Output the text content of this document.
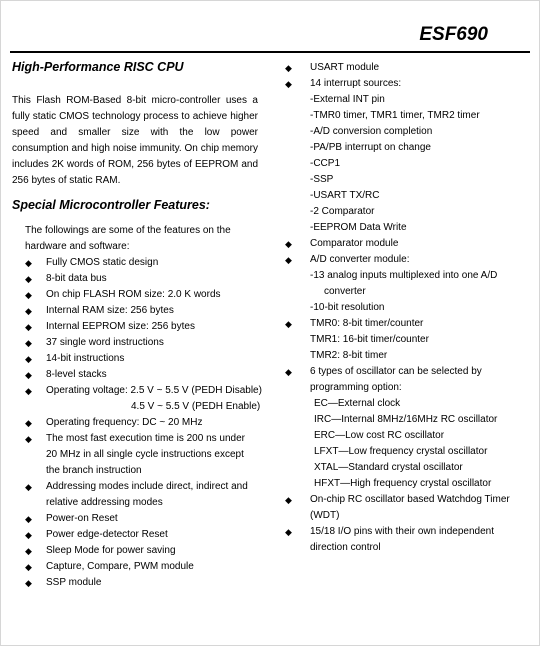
ESF690
High-Performance RISC CPU

This Flash ROM-Based 8-bit micro-controller uses a fully static CMOS technology process to achieve higher speed and smaller size with the low power consumption and high noise immunity. On chip memory includes 2K words of ROM, 256 bytes of EEPROM and 256 bytes of static RAM.

Special Microcontroller Features:

The followings are some of the features on the hardware and software:

◆ Fully CMOS static design
◆ 8-bit data bus
◆ On chip FLASH ROM size: 2.0 K words
◆ Internal RAM size: 256 bytes
◆ Internal EEPROM size: 256 bytes
◆ 37 single word instructions
◆ 14-bit instructions
◆ 8-level stacks
◆ Operating voltage: 2.5 V ~ 5.5 V (PEDH Disable)
4.5 V ~ 5.5 V (PEDH Enable)
◆ Operating frequency: DC ~ 20 MHz
◆ The most fast execution time is 200 ns under
20 MHz in all single cycle instructions except
the branch instruction
◆ Addressing modes include direct, indirect and
relative addressing modes
◆ Power-on Reset
◆ Power edge-detector Reset
◆ Sleep Mode for power saving
◆ Capture, Compare, PWM module
◆ SSP module
◆ USART module
◆ 14 interrupt sources:
-External INT pin
-TMR0 timer, TMR1 timer, TMR2 timer
-A/D conversion completion
-PA/PB interrupt on change
-CCP1
-SSP
-USART TX/RC
-2 Comparator
-EEPROM Data Write
◆ Comparator module
◆ A/D converter module:
-13 analog inputs multiplexed into one A/D
converter
-10-bit resolution
◆ TMR0: 8-bit timer/counter
TMR1: 16-bit timer/counter
TMR2: 8-bit timer
◆ 6 types of oscillator can be selected by
programming option:
EC—External clock
IRC—Internal 8MHz/16MHz RC oscillator
ERC—Low cost RC oscillator
LFXT—Low frequency crystal oscillator
XTAL—Standard crystal oscillator
HFXT—High frequency crystal oscillator
◆ On-chip RC oscillator based Watchdog Timer
(WDT)
◆ 15/18 I/O pins with their own independent
direction control
